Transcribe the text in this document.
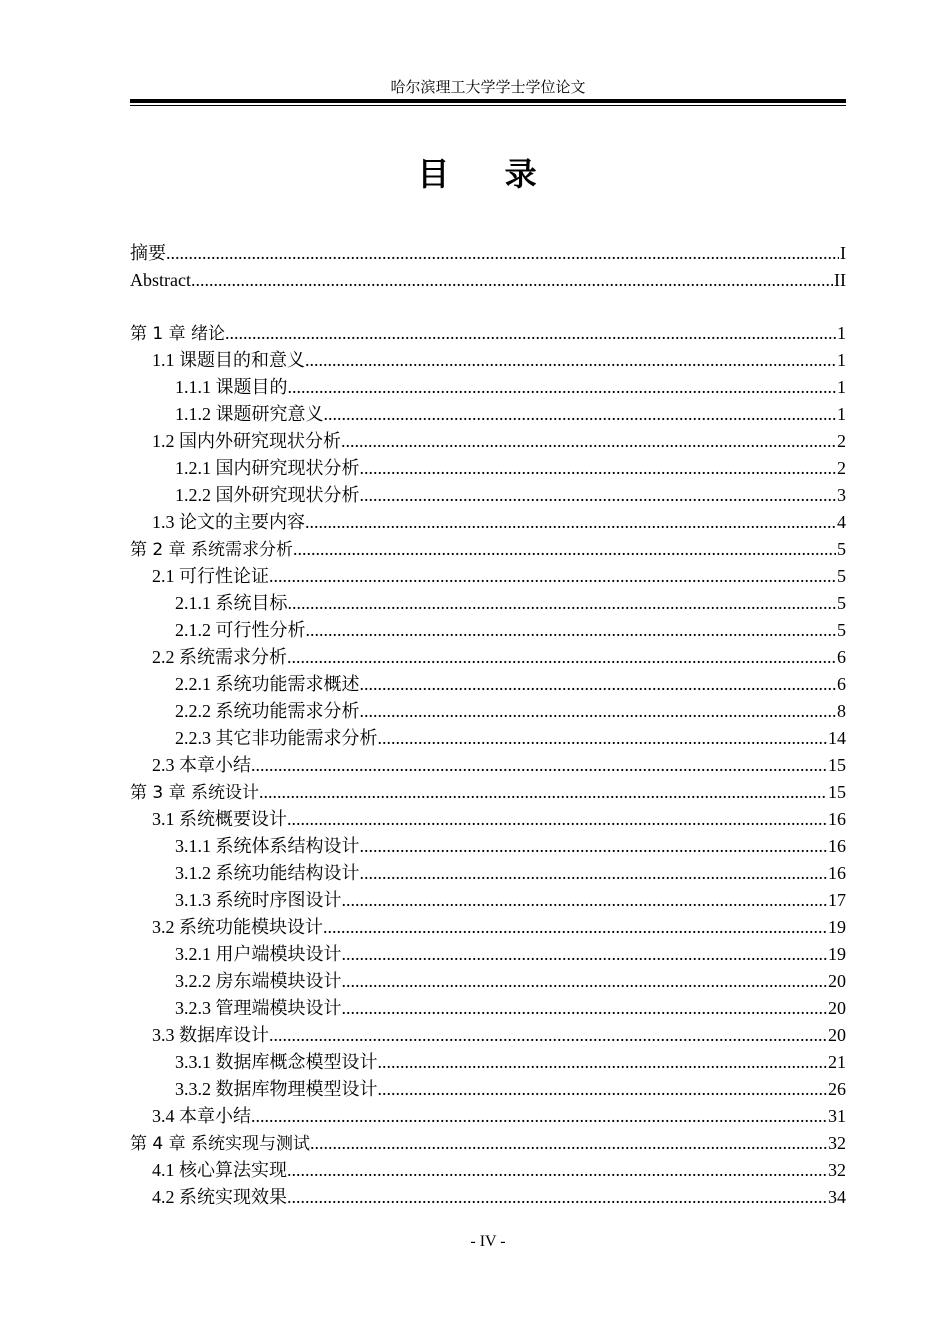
哈尔滨理工大学学士学位论文
目 录
摘要 .....	I
Abstract .....	II
第 1 章 绪论 .....	1
1.1 课题目的和意义 .....	1
1.1.1 课题目的 .....	1
1.1.2 课题研究意义 .....	1
1.2 国内外研究现状分析 .....	2
1.2.1 国内研究现状分析 .....	2
1.2.2 国外研究现状分析 .....	3
1.3 论文的主要内容 .....	4
第 2 章 系统需求分析 .....	5
2.1 可行性论证 .....	5
2.1.1 系统目标 .....	5
2.1.2 可行性分析 .....	5
2.2 系统需求分析 .....	6
2.2.1 系统功能需求概述 .....	6
2.2.2 系统功能需求分析 .....	8
2.2.3 其它非功能需求分析 .....	14
2.3 本章小结 .....	15
第 3 章 系统设计 .....	15
3.1 系统概要设计 .....	16
3.1.1 系统体系结构设计 .....	16
3.1.2 系统功能结构设计 .....	16
3.1.3 系统时序图设计 .....	17
3.2 系统功能模块设计 .....	19
3.2.1 用户端模块设计 .....	19
3.2.2 房东端模块设计 .....	20
3.2.3 管理端模块设计 .....	20
3.3 数据库设计 .....	20
3.3.1 数据库概念模型设计 .....	21
3.3.2 数据库物理模型设计 .....	26
3.4 本章小结 .....	31
第 4 章 系统实现与测试 .....	32
4.1 核心算法实现 .....	32
4.2 系统实现效果 .....	34
- IV -
